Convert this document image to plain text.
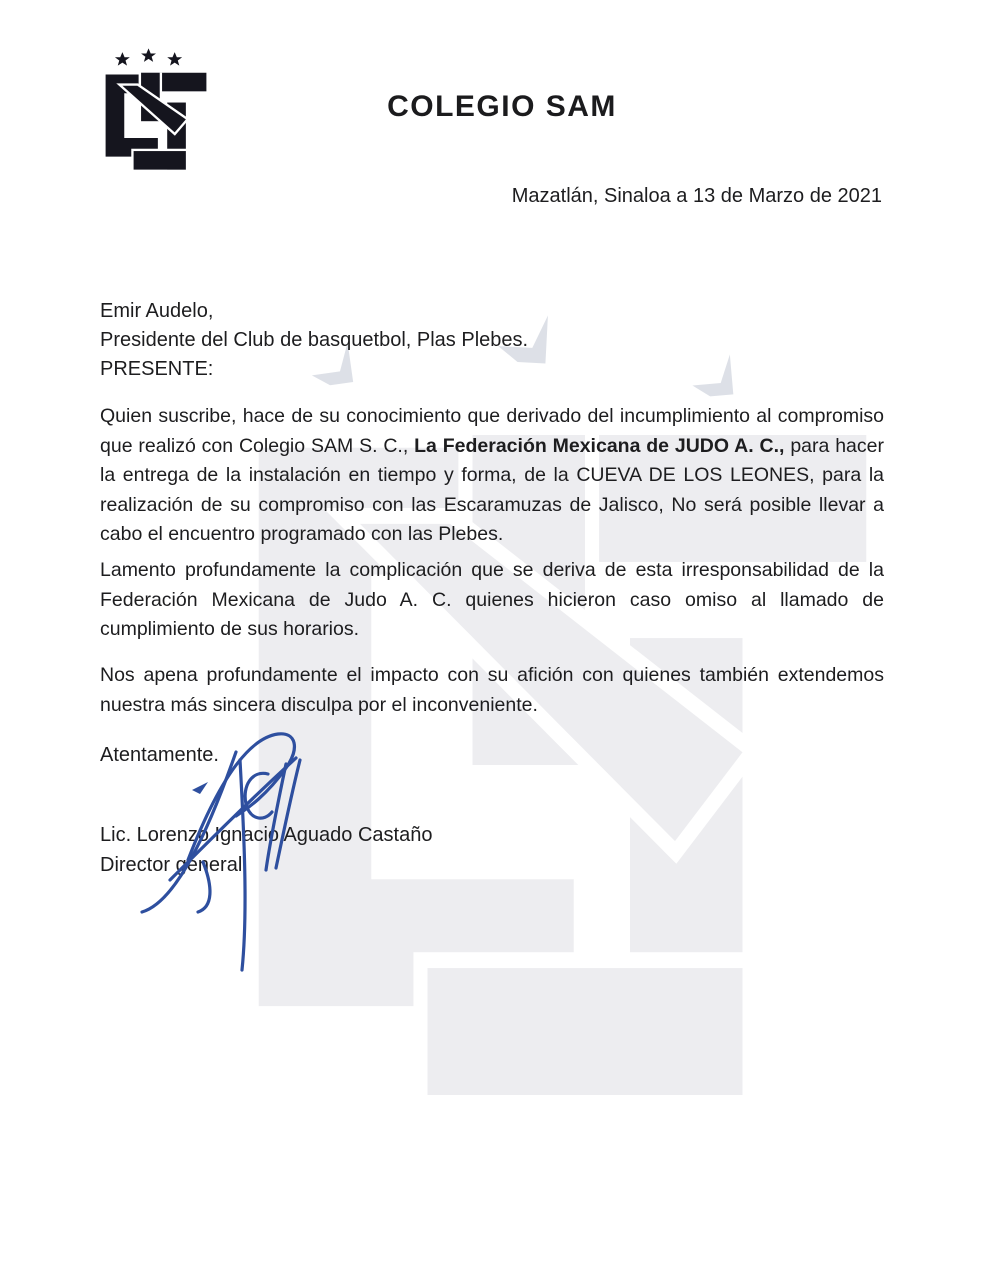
COLEGIO SAM
Mazatlán, Sinaloa a 13 de Marzo de 2021
Emir Audelo,
Presidente del Club de basquetbol, Plas Plebes.
PRESENTE:

Quien suscribe, hace de su conocimiento que derivado del incumplimiento al compromiso que realizó con Colegio SAM S. C., La Federación Mexicana de JUDO A. C., para hacer la entrega de la instalación en tiempo y forma, de la CUEVA DE LOS LEONES, para la realización de su compromiso con las Escaramuzas de Jalisco, No será posible llevar a cabo el encuentro programado con las Plebes.

Lamento profundamente la complicación que se deriva de esta irresponsabilidad de la Federación Mexicana de Judo A. C. quienes hicieron caso omiso al llamado de cumplimiento de sus horarios.

Nos apena profundamente el impacto con su afición con quienes también extendemos nuestra más sincera disculpa por el inconveniente.

Atentamente.
Lic. Lorenzo Ignacio Aguado Castaño
Director general
